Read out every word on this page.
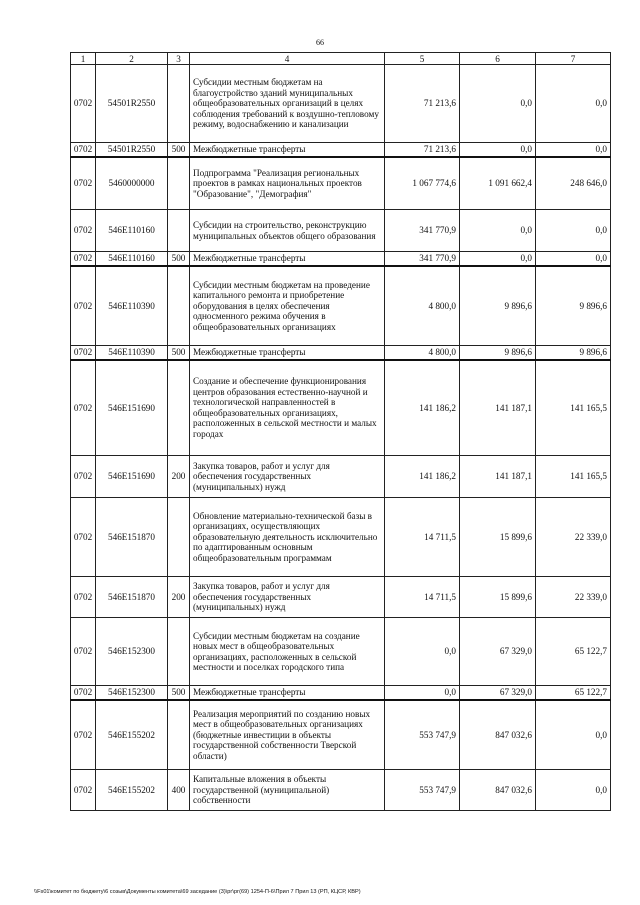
66
1	2	3	4	5	6	7
0702	54501R2550		Субсидии местным бюджетам на благоустройство зданий муниципальных общеобразовательных организаций в целях соблюдения требований к воздушно-тепловому режиму, водоснабжению и канализации	71 213,6	0,0	0,0
0702	54501R2550	500	Межбюджетные трансферты	71 213,6	0,0	0,0
0702	5460000000		Подпрограмма "Реализация региональных проектов в рамках национальных проектов "Образование", "Демография"	1 067 774,6	1 091 662,4	248 646,0
0702	546E110160		Субсидии на строительство, реконструкцию муниципальных объектов общего образования	341 770,9	0,0	0,0
0702	546E110160	500	Межбюджетные трансферты	341 770,9	0,0	0,0
0702	546E110390		Субсидии местным бюджетам на проведение капитального ремонта и приобретение оборудования в целях обеспечения односменного режима обучения в общеобразовательных организациях	4 800,0	9 896,6	9 896,6
0702	546E110390	500	Межбюджетные трансферты	4 800,0	9 896,6	9 896,6
0702	546E151690		Создание и обеспечение функционирования центров образования естественно-научной и технологической направленностей в общеобразовательных организациях, расположенных в сельской местности и малых городах	141 186,2	141 187,1	141 165,5
0702	546E151690	200	Закупка товаров, работ и услуг для обеспечения государственных (муниципальных) нужд	141 186,2	141 187,1	141 165,5
0702	546E151870		Обновление материально-технической базы в организациях, осуществляющих образовательную деятельность исключительно по адаптированным основным общеобразовательным программам	14 711,5	15 899,6	22 339,0
0702	546E151870	200	Закупка товаров, работ и услуг для обеспечения государственных (муниципальных) нужд	14 711,5	15 899,6	22 339,0
0702	546E152300		Субсидии местным бюджетам на создание новых мест в общеобразовательных организациях, расположенных в сельской местности и поселках городского типа	0,0	67 329,0	65 122,7
0702	546E152300	500	Межбюджетные трансферты	0,0	67 329,0	65 122,7
0702	546E155202		Реализация мероприятий по созданию новых мест в общеобразовательных организациях (бюджетные инвестиции в объекты государственной собственности Тверской области)	553 747,9	847 032,6	0,0
0702	546E155202	400	Капитальные вложения в объекты государственной (муниципальной) собственности	553 747,9	847 032,6	0,0
\\Fs01\комитет по бюджету\6 созыв\Документы комитета\69 заседание (3)\рг\рг(69) 1254-П-6\Прил 7 Прил 13 (РП, КЦСР, КВР)
